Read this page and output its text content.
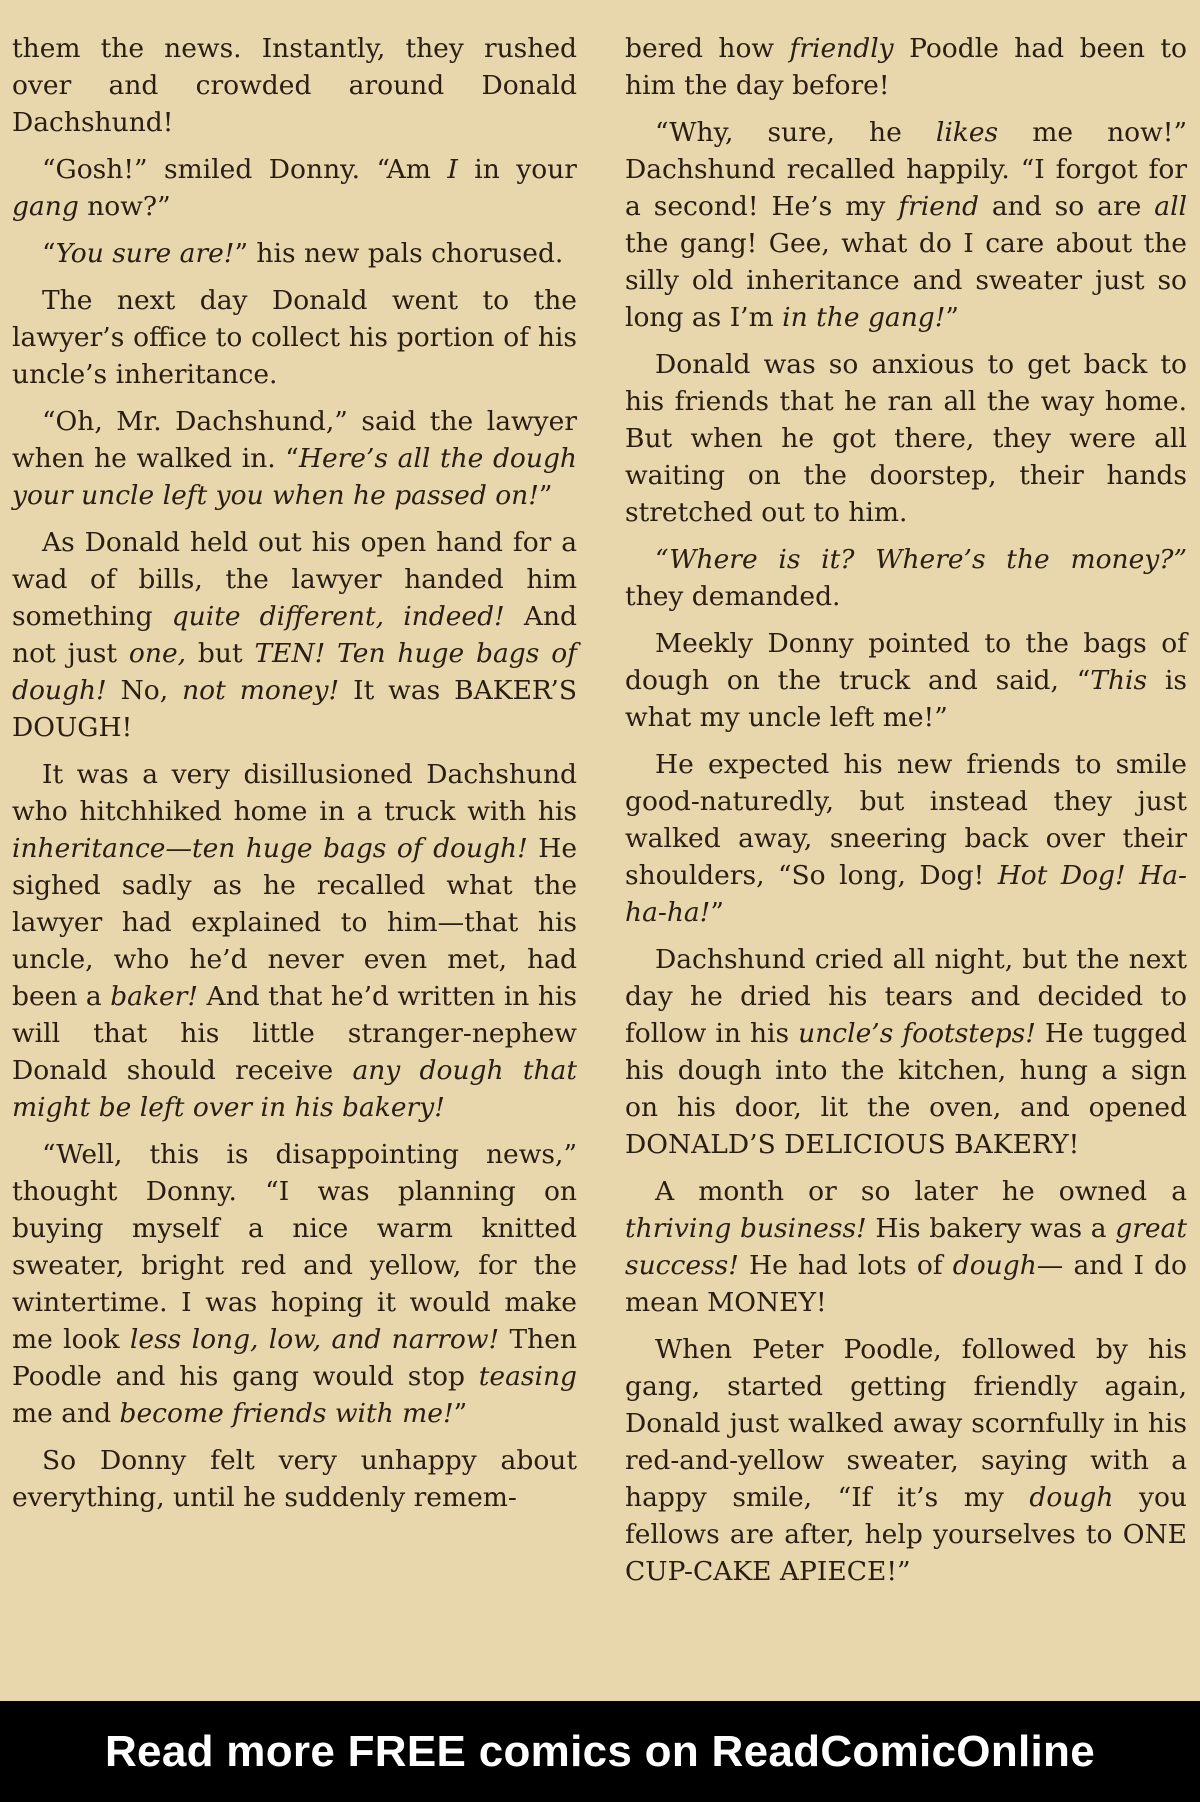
them the news. Instantly, they rushed over and crowded around Donald Dachshund!

“Gosh!” smiled Donny. “Am I in your gang now?”

“You sure are!” his new pals chorused.

The next day Donald went to the lawyer’s office to collect his portion of his uncle’s inheritance.

“Oh, Mr. Dachshund,” said the lawyer when he walked in. “Here’s all the dough your uncle left you when he passed on!”

As Donald held out his open hand for a wad of bills, the lawyer handed him something quite different, indeed! And not just one, but TEN! Ten huge bags of dough! No, not money! It was BAKER’S DOUGH!

It was a very disillusioned Dachshund who hitchhiked home in a truck with his inheritance—ten huge bags of dough! He sighed sadly as he recalled what the lawyer had explained to him—that his uncle, who he’d never even met, had been a baker! And that he’d written in his will that his little stranger-nephew Donald should receive any dough that might be left over in his bakery!

“Well, this is disappointing news,” thought Donny. “I was planning on buying myself a nice warm knitted sweater, bright red and yellow, for the wintertime. I was hoping it would make me look less long, low, and narrow! Then Poodle and his gang would stop teasing me and become friends with me!”

So Donny felt very unhappy about everything, until he suddenly remem-

bered how friendly Poodle had been to him the day before!

“Why, sure, he likes me now!” Dachshund recalled happily. “I forgot for a second! He’s my friend and so are all the gang! Gee, what do I care about the silly old inheritance and sweater just so long as I’m in the gang!”

Donald was so anxious to get back to his friends that he ran all the way home. But when he got there, they were all waiting on the doorstep, their hands stretched out to him.

“Where is it? Where’s the money?” they demanded.

Meekly Donny pointed to the bags of dough on the truck and said, “This is what my uncle left me!”

He expected his new friends to smile good-naturedly, but instead they just walked away, sneering back over their shoulders, “So long, Dog! Hot Dog! Ha-ha-ha!”

Dachshund cried all night, but the next day he dried his tears and decided to follow in his uncle’s footsteps! He tugged his dough into the kitchen, hung a sign on his door, lit the oven, and opened DONALD’S DELICIOUS BAKERY!

A month or so later he owned a thriving business! His bakery was a great success! He had lots of dough— and I do mean MONEY!

When Peter Poodle, followed by his gang, started getting friendly again, Donald just walked away scornfully in his red-and-yellow sweater, saying with a happy smile, “If it’s my dough you fellows are after, help yourselves to ONE CUP-CAKE APIECE!”

Read more FREE comics on ReadComicOnline
